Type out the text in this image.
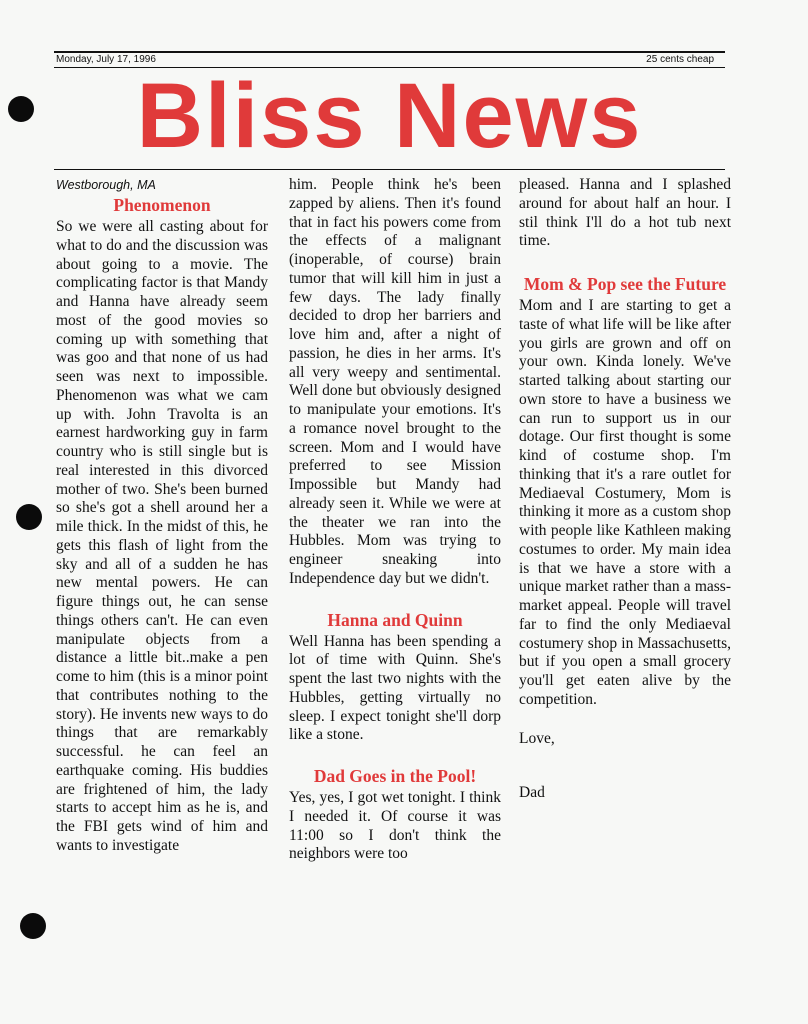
Monday, July 17, 1996	25 cents cheap
Bliss News

Westborough, MA

Phenomenon

So we were all casting about for what to do and the discussion was about going to a movie. The complicating factor is that Mandy and Hanna have already seem most of the good movies so coming up with something that was goo and that none of us had seen was next to impossible. Phenomenon was what we cam up with. John Travolta is an earnest hardworking guy in farm country who is still single but is real interested in this divorced mother of two. She's been burned so she's got a shell around her a mile thick. In the midst of this, he gets this flash of light from the sky and all of a sudden he has new mental powers. He can figure things out, he can sense things others can't. He can even manipulate objects from a distance a little bit..make a pen come to him (this is a minor point that contributes nothing to the story). He invents new ways to do things that are remarkably successful. he can feel an earthquake coming. His buddies are frightened of him, the lady starts to accept him as he is, and the FBI gets wind of him and wants to investigate

him. People think he's been zapped by aliens. Then it's found that in fact his powers come from the effects of a malignant (inoperable, of course) brain tumor that will kill him in just a few days. The lady finally decided to drop her barriers and love him and, after a night of passion, he dies in her arms. It's all very weepy and sentimental. Well done but obviously designed to manipulate your emotions. It's a romance novel brought to the screen. Mom and I would have preferred to see Mission Impossible but Mandy had already seen it. While we were at the theater we ran into the Hubbles. Mom was trying to engineer sneaking into Independence day but we didn't.

Hanna and Quinn

Well Hanna has been spending a lot of time with Quinn. She's spent the last two nights with the Hubbles, getting virtually no sleep. I expect tonight she'll dorp like a stone.

Dad Goes in the Pool!

Yes, yes, I got wet tonight. I think I needed it. Of course it was 11:00 so I don't think the neighbors were too

pleased. Hanna and I splashed around for about half an hour. I stil think I'll do a hot tub next time.

Mom & Pop see the Future

Mom and I are starting to get a taste of what life will be like after you girls are grown and off on your own. Kinda lonely. We've started talking about starting our own store to have a business we can run to support us in our dotage. Our first thought is some kind of costume shop. I'm thinking that it's a rare outlet for Mediaeval Costumery, Mom is thinking it more as a custom shop with people like Kathleen making costumes to order. My main idea is that we have a store with a unique market rather than a mass-market appeal. People will travel far to find the only Mediaeval costumery shop in Massachusetts, but if you open a small grocery you'll get eaten alive by the competition.

Love,

Dad
